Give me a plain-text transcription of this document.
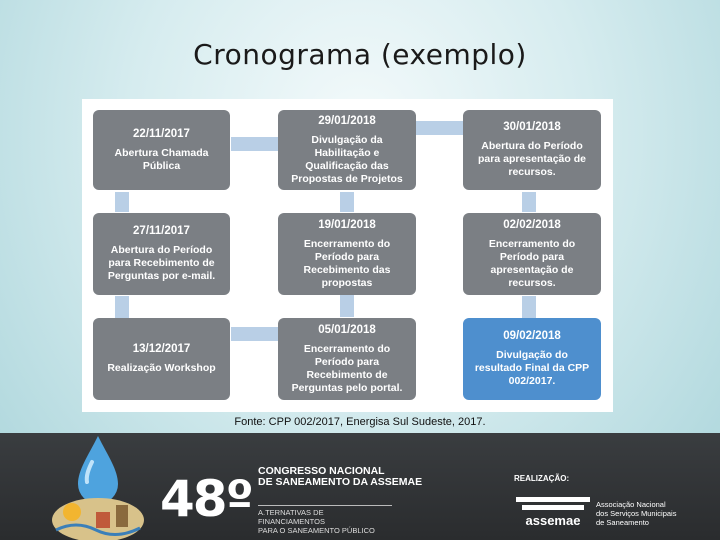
Cronograma (exemplo)
22/11/2017
Abertura Chamada
Pública
29/01/2018
Divulgação da
Habilitação e
Qualificação das
Propostas de Projetos
30/01/2018
Abertura do Período
para apresentação de
recursos.
27/11/2017
Abertura do Período
para Recebimento de
Perguntas por e-mail.
19/01/2018
Encerramento do
Período para
Recebimento das
propostas
02/02/2018
Encerramento do
Período para
apresentação de
recursos.
13/12/2017
Realização Workshop
05/01/2018
Encerramento do
Período para
Recebimento de
Perguntas pelo portal.
09/02/2018
Divulgação do
resultado Final da CPP
002/2017.
Fonte: CPP 002/2017, Energisa Sul Sudeste, 2017.
48º CONGRESSO NACIONAL
DE SANEAMENTO DA ASSEMAE
A.TERNATIVAS DE FINANCIAMENTOS
PARA O SANEAMENTO PÚBLICO
REALIZAÇÃO:
assemae
Associação Nacional
dos Serviços Municipais
de Saneamento
